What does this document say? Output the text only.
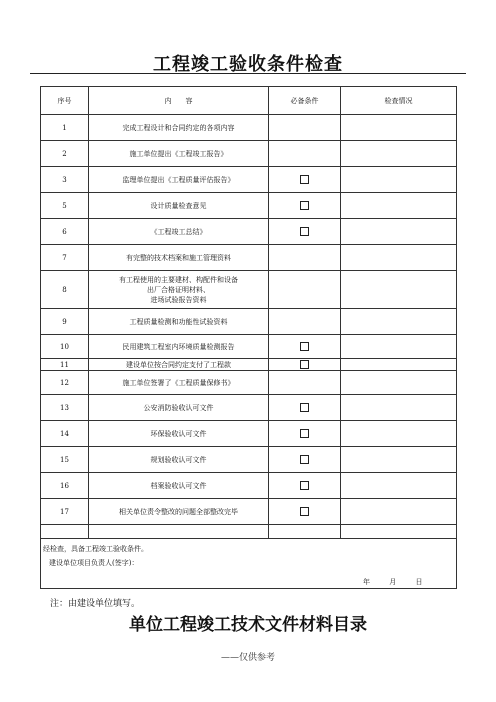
工程竣工验收条件检查
序号	内　　容	必备条件	检查情况
1	完成工程设计和合同约定的各项内容		

2	施工单位提出《工程竣工报告》		

3	监理单位提出《工程质量评估报告》		

5	设计质量检查意见		

6	《工程竣工总结》		

7	有完整的技术档案和施工管理资料		

8	有工程使用的主要建材、构配件和设备
出厂合格证明材料、
进场试验报告资料		

9	工程质量检测和功能性试验资料		

10	民用建筑工程室内环境质量检测报告		

11	建设单位按合同约定支付了工程款		

12	施工单位签署了《工程质量保修书》		

13	公安消防验收认可文件		

14	环保验收认可文件		

15	规划验收认可文件		

16	档案验收认可文件		

17	相关单位责令整改的问题全部整改完毕		

经检查，具备工程竣工验收条件。
建设单位项目负责人(签字)：
年　 月　 日			
注：由建设单位填写。
单位工程竣工技术文件材料目录
——仅供参考
